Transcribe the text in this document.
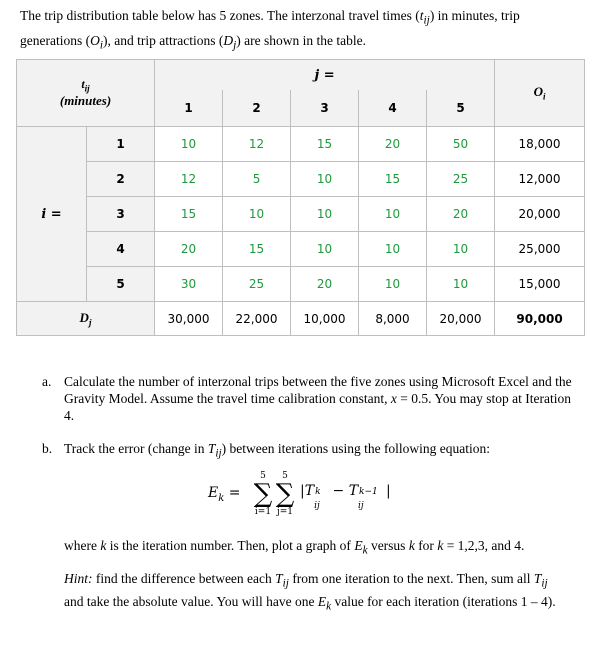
The trip distribution table below has 5 zones. The interzonal travel times $(t_{ij})$ in minutes, trip
generations $(O_i)$, and trip attractions $(D_j)$ are shown in the table.
$t_{ij}$
(minutes)		j =					$O_i$
		1	2	3	4	5	
i =	1	10	12	15	20	50	18,000
	2	12	5	10	15	25	12,000
	3	15	10	10	10	20	20,000
	4	20	15	10	10	10	25,000
	5	30	25	20	10	10	15,000
$D_j$		30,000	22,000	10,000	8,000	20,000	90,000
a. Calculate the number of interzonal trips between the five zones using Microsoft Excel and the Gravity Model. Assume the travel time calibration constant, x = 0.5. You may stop at Iteration 4.
b. Track the error (change in $T_{ij}$) between iterations using the following equation:
$E_k$ =
5
∑
i=1
5
∑
j=1
|T k
ij
− T k−1
ij
|
where k is the iteration number. Then, plot a graph of $E_k$ versus k for k = 1,2,3, and 4.
Hint: find the difference between each $T_{ij}$ from one iteration to the next. Then, sum all $T_{ij}$ and take the absolute value. You will have one $E_k$ value for each iteration (iterations 1 – 4).
